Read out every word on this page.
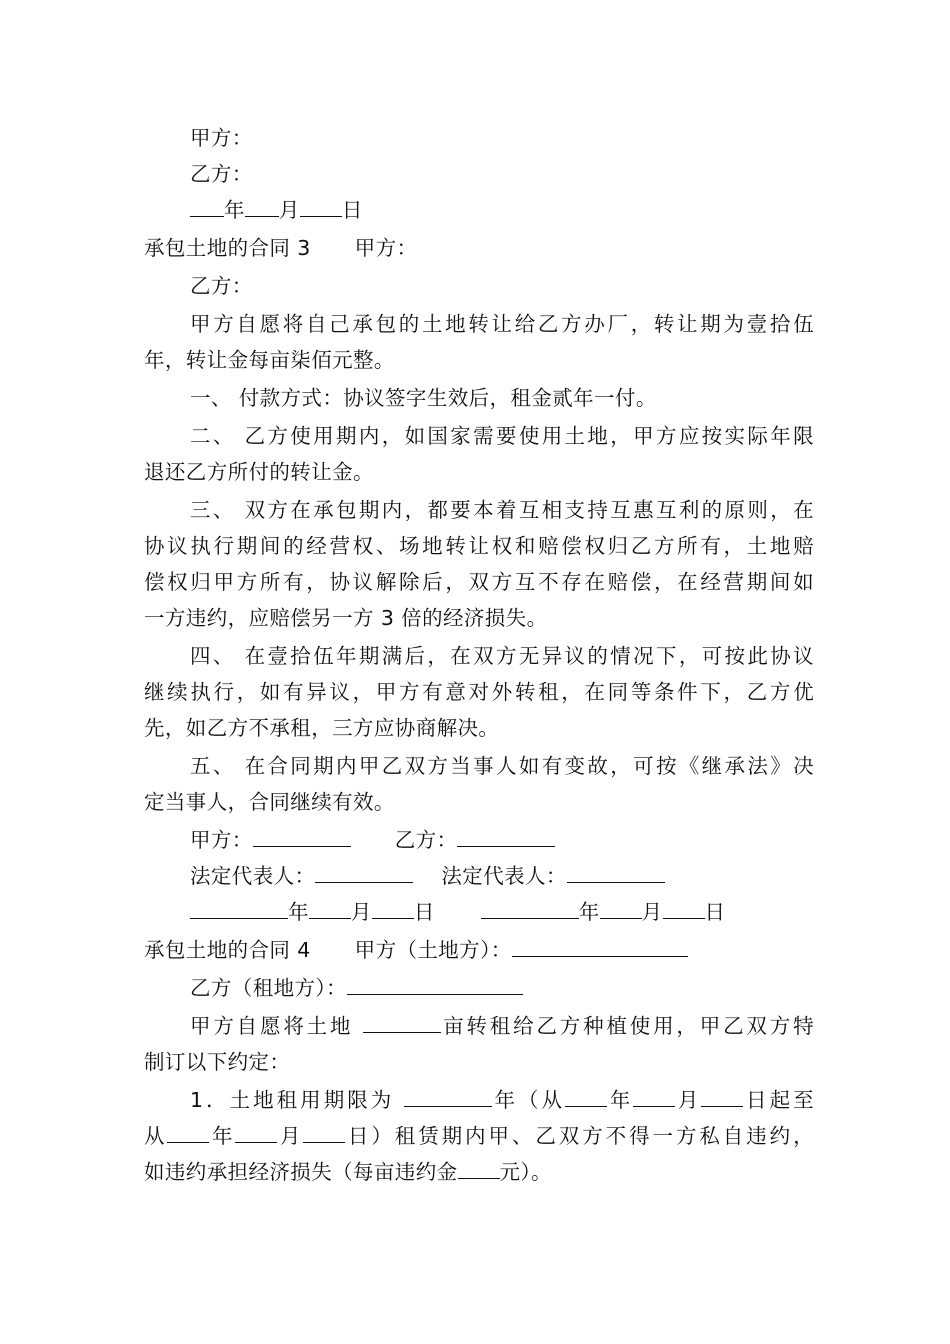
甲方：
乙方：
年 月 日
承包土地的合同 3 甲方：
乙方：
甲方自愿将自己承包的土地转让给乙方办厂，转让期为壹拾伍
年，转让金每亩柒佰元整。
一、 付款方式：协议签字生效后，租金贰年一付。
二、 乙方使用期内，如国家需要使用土地，甲方应按实际年限
退还乙方所付的转让金。
三、 双方在承包期内，都要本着互相支持互惠互利的原则，在
协议执行期间的经营权、场地转让权和赔偿权归乙方所有，土地赔
偿权归甲方所有，协议解除后，双方互不存在赔偿，在经营期间如
一方违约，应赔偿另一方 3 倍的经济损失。
四、 在壹拾伍年期满后，在双方无异议的情况下，可按此协议
继续执行，如有异议，甲方有意对外转租，在同等条件下，乙方优
先，如乙方不承租，三方应协商解决。
五、 在合同期内甲乙双方当事人如有变故，可按《继承法》决
定当事人，合同继续有效。
甲方：	乙方：
法定代表人：	法定代表人：
年 月 日	年 月 日
承包土地的合同 4 甲方（土地方）：
乙方（租地方）：
甲方自愿将土地	亩转租给乙方种植使用，甲乙双方特
制订以下约定：
1．土地租用期限为	年（从 年 月 日起至
从 年 月 日）租赁期内甲、乙双方不得一方私自违约，
如违约承担经济损失（每亩违约金 元）。
